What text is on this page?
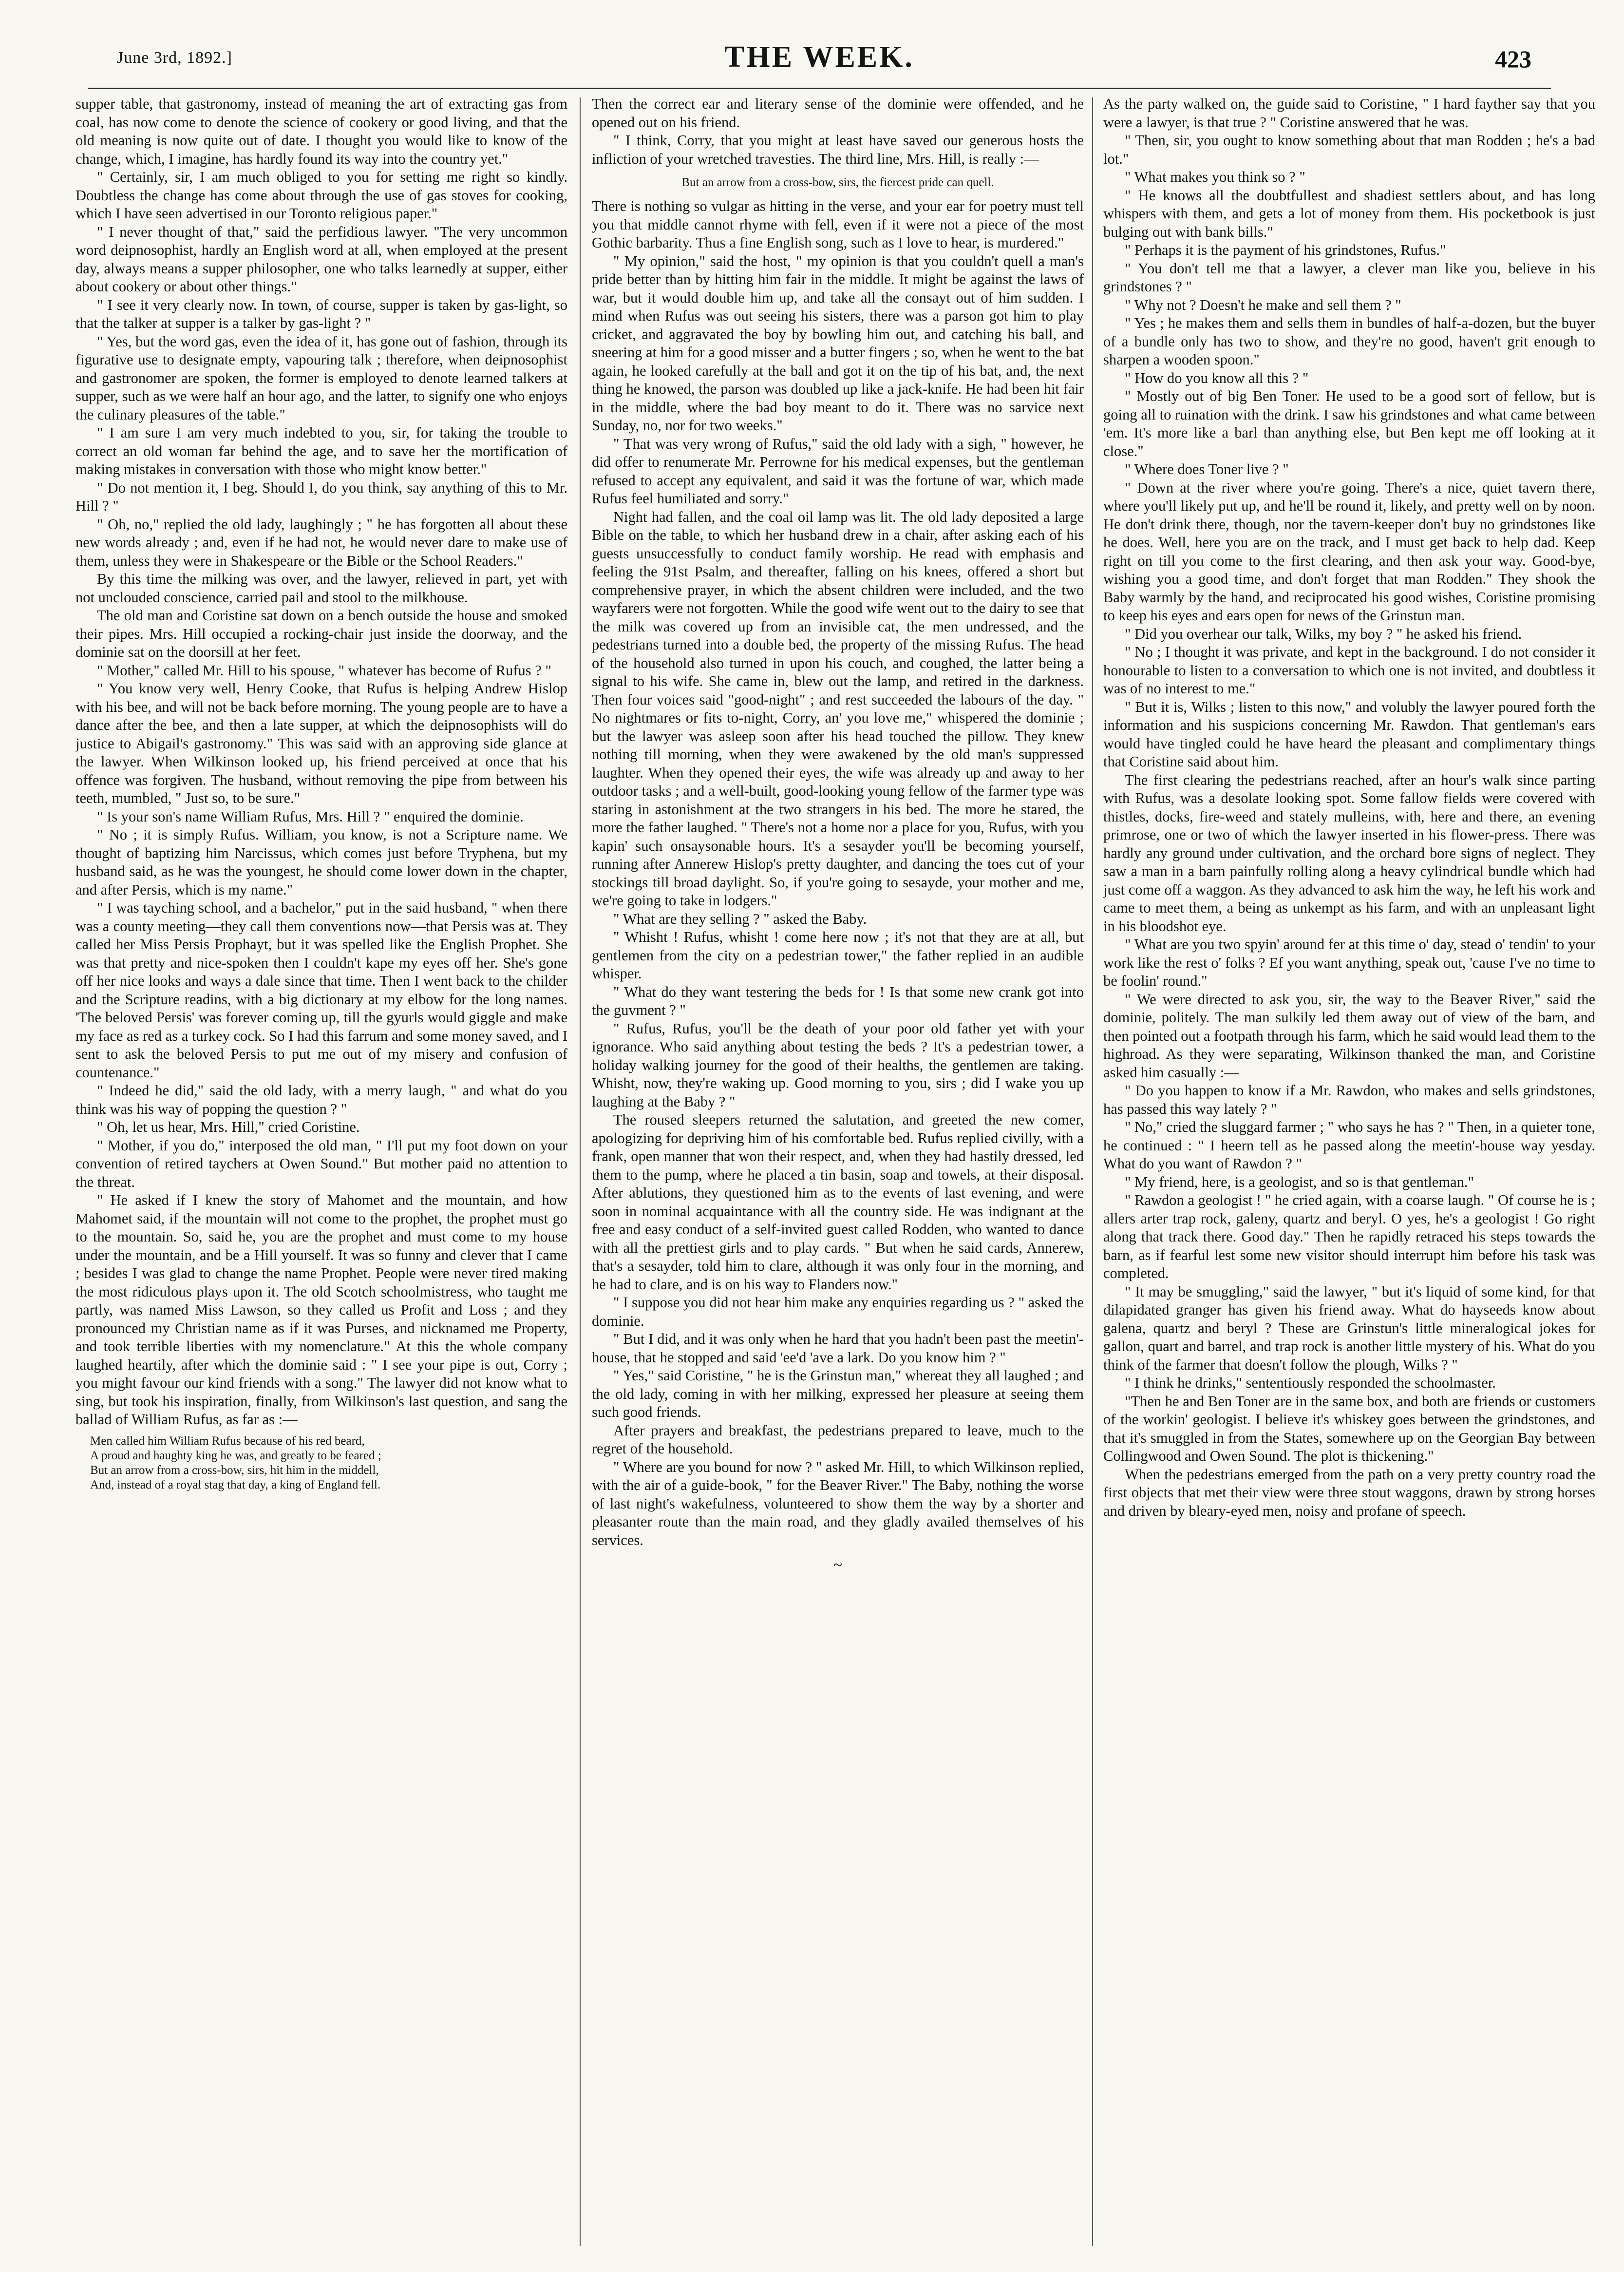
June 3rd, 1892.]	THE WEEK.	423

supper table, that gastronomy, instead of meaning the art of extracting gas from coal, has now come to denote the science of cookery or good living, and that the old meaning is now quite out of date. I thought you would like to know of the change, which, I imagine, has hardly found its way into the country yet."

" Certainly, sir, I am much obliged to you for setting me right so kindly. Doubtless the change has come about through the use of gas stoves for cooking, which I have seen advertised in our Toronto religious paper."

" I never thought of that," said the perfidious lawyer. "The very uncommon word deipnosophist, hardly an English word at all, when employed at the present day, always means a supper philosopher, one who talks learnedly at supper, either about cookery or about other things."

" I see it very clearly now. In town, of course, supper is taken by gas-light, so that the talker at supper is a talker by gas-light ? "

" Yes, but the word gas, even the idea of it, has gone out of fashion, through its figurative use to designate empty, vapouring talk ; therefore, when deipnosophist and gastronomer are spoken, the former is employed to denote learned talkers at supper, such as we were half an hour ago, and the latter, to signify one who enjoys the culinary pleasures of the table."

" I am sure I am very much indebted to you, sir, for taking the trouble to correct an old woman far behind the age, and to save her the mortification of making mistakes in conversation with those who might know better."

" Do not mention it, I beg. Should I, do you think, say anything of this to Mr. Hill ? "

" Oh, no," replied the old lady, laughingly ; " he has forgotten all about these new words already ; and, even if he had not, he would never dare to make use of them, unless they were in Shakespeare or the Bible or the School Readers."

By this time the milking was over, and the lawyer, relieved in part, yet with not unclouded conscience, carried pail and stool to the milkhouse.

The old man and Coristine sat down on a bench outside the house and smoked their pipes. Mrs. Hill occupied a rocking-chair just inside the doorway, and the dominie sat on the doorsill at her feet.

" Mother," called Mr. Hill to his spouse, " whatever has become of Rufus ? "

" You know very well, Henry Cooke, that Rufus is helping Andrew Hislop with his bee, and will not be back before morning. The young people are to have a dance after the bee, and then a late supper, at which the deipnosophists will do justice to Abigail's gastronomy." This was said with an approving side glance at the lawyer. When Wilkinson looked up, his friend perceived at once that his offence was forgiven. The husband, without removing the pipe from between his teeth, mumbled, " Just so, to be sure."

" Is your son's name William Rufus, Mrs. Hill ? " enquired the dominie.

" No ; it is simply Rufus. William, you know, is not a Scripture name. We thought of baptizing him Narcissus, which comes just before Tryphena, but my husband said, as he was the youngest, he should come lower down in the chapter, and after Persis, which is my name."

" I was tayching school, and a bachelor," put in the said husband, " when there was a county meeting—they call them conventions now—that Persis was at. They called her Miss Persis Prophayt, but it was spelled like the English Prophet. She was that pretty and nice-spoken then I couldn't kape my eyes off her. She's gone off her nice looks and ways a dale since that time. Then I went back to the childer and the Scripture readins, with a big dictionary at my elbow for the long names. 'The beloved Persis' was forever coming up, till the gyurls would giggle and make my face as red as a turkey cock. So I had this farrum and some money saved, and I sent to ask the beloved Persis to put me out of my misery and confusion of countenance."

" Indeed he did," said the old lady, with a merry laugh, " and what do you think was his way of popping the question ? "

" Oh, let us hear, Mrs. Hill," cried Coristine.

" Mother, if you do," interposed the old man, " I'll put my foot down on your convention of retired taychers at Owen Sound." But mother paid no attention to the threat.

" He asked if I knew the story of Mahomet and the mountain, and how Mahomet said, if the mountain will not come to the prophet, the prophet must go to the mountain. So, said he, you are the prophet and must come to my house under the mountain, and be a Hill yourself. It was so funny and clever that I came ; besides I was glad to change the name Prophet. People were never tired making the most ridiculous plays upon it. The old Scotch schoolmistress, who taught me partly, was named Miss Lawson, so they called us Profit and Loss ; and they pronounced my Christian name as if it was Purses, and nicknamed me Property, and took terrible liberties with my nomenclature." At this the whole company laughed heartily, after which the dominie said : " I see your pipe is out, Corry ; you might favour our kind friends with a song." The lawyer did not know what to sing, but took his inspiration, finally, from Wilkinson's last question, and sang the ballad of William Rufus, as far as :—

Men called him William Rufus because of his red beard,
A proud and haughty king he was, and greatly to be feared ;
But an arrow from a cross-bow, sirs, hit him in the middell,
And, instead of a royal stag that day, a king of England fell.

Then the correct ear and literary sense of the dominie were offended, and he opened out on his friend.

" I think, Corry, that you might at least have saved our generous hosts the infliction of your wretched travesties. The third line, Mrs. Hill, is really :—

But an arrow from a cross-bow, sirs, the fiercest pride can quell.

There is nothing so vulgar as hitting in the verse, and your ear for poetry must tell you that middle cannot rhyme with fell, even if it were not a piece of the most Gothic barbarity. Thus a fine English song, such as I love to hear, is murdered."

" My opinion," said the host, " my opinion is that you couldn't quell a man's pride better than by hitting him fair in the middle. It might be against the laws of war, but it would double him up, and take all the consayt out of him sudden. I mind when Rufus was out seeing his sisters, there was a parson got him to play cricket, and aggravated the boy by bowling him out, and catching his ball, and sneering at him for a good misser and a butter fingers ; so, when he went to the bat again, he looked carefully at the ball and got it on the tip of his bat, and, the next thing he knowed, the parson was doubled up like a jack-knife. He had been hit fair in the middle, where the bad boy meant to do it. There was no sarvice next Sunday, no, nor for two weeks."

" That was very wrong of Rufus," said the old lady with a sigh, " however, he did offer to renumerate Mr. Perrowne for his medical expenses, but the gentleman refused to accept any equivalent, and said it was the fortune of war, which made Rufus feel humiliated and sorry."

Night had fallen, and the coal oil lamp was lit. The old lady deposited a large Bible on the table, to which her husband drew in a chair, after asking each of his guests unsuccessfully to conduct family worship. He read with emphasis and feeling the 91st Psalm, and thereafter, falling on his knees, offered a short but comprehensive prayer, in which the absent children were included, and the two wayfarers were not forgotten. While the good wife went out to the dairy to see that the milk was covered up from an invisible cat, the men undressed, and the pedestrians turned into a double bed, the property of the missing Rufus. The head of the household also turned in upon his couch, and coughed, the latter being a signal to his wife. She came in, blew out the lamp, and retired in the darkness. Then four voices said "good-night" ; and rest succeeded the labours of the day. " No nightmares or fits to-night, Corry, an' you love me," whispered the dominie ; but the lawyer was asleep soon after his head touched the pillow. They knew nothing till morning, when they were awakened by the old man's suppressed laughter. When they opened their eyes, the wife was already up and away to her outdoor tasks ; and a well-built, good-looking young fellow of the farmer type was staring in astonishment at the two strangers in his bed. The more he stared, the more the father laughed. " There's not a home nor a place for you, Rufus, with you kapin' such onsaysonable hours. It's a sesayder you'll be becoming yourself, running after Annerew Hislop's pretty daughter, and dancing the toes cut of your stockings till broad daylight. So, if you're going to sesayde, your mother and me, we're going to take in lodgers."

" What are they selling ? " asked the Baby.

" Whisht ! Rufus, whisht ! come here now ; it's not that they are at all, but gentlemen from the city on a pedestrian tower," the father replied in an audible whisper.

" What do they want testering the beds for ! Is that some new crank got into the guvment ? "

" Rufus, Rufus, you'll be the death of your poor old father yet with your ignorance. Who said anything about testing the beds ? It's a pedestrian tower, a holiday walking journey for the good of their healths, the gentlemen are taking. Whisht, now, they're waking up. Good morning to you, sirs ; did I wake you up laughing at the Baby ? "

The roused sleepers returned the salutation, and greeted the new comer, apologizing for depriving him of his comfortable bed. Rufus replied civilly, with a frank, open manner that won their respect, and, when they had hastily dressed, led them to the pump, where he placed a tin basin, soap and towels, at their disposal. After ablutions, they questioned him as to the events of last evening, and were soon in nominal acquaintance with all the country side. He was indignant at the free and easy conduct of a self-invited guest called Rodden, who wanted to dance with all the prettiest girls and to play cards. " But when he said cards, Annerew, that's a sesayder, told him to clare, although it was only four in the morning, and he had to clare, and is on his way to Flanders now."

" I suppose you did not hear him make any enquiries regarding us ? " asked the dominie.

" But I did, and it was only when he hard that you hadn't been past the meetin'-house, that he stopped and said 'ee'd 'ave a lark. Do you know him ? "

" Yes," said Coristine, " he is the Grinstun man," whereat they all laughed ; and the old lady, coming in with her milking, expressed her pleasure at seeing them such good friends.

After prayers and breakfast, the pedestrians prepared to leave, much to the regret of the household.

" Where are you bound for now ? " asked Mr. Hill, to which Wilkinson replied, with the air of a guide-book, " for the Beaver River." The Baby, nothing the worse of last night's wakefulness, volunteered to show them the way by a shorter and pleasanter route than the main road, and they gladly availed themselves of his services.

~

As the party walked on, the guide said to Coristine, " I hard fayther say that you were a lawyer, is that true ? " Coristine answered that he was.

" Then, sir, you ought to know something about that man Rodden ; he's a bad lot."

" What makes you think so ? "

" He knows all the doubtfullest and shadiest settlers about, and has long whispers with them, and gets a lot of money from them. His pocketbook is just bulging out with bank bills."

" Perhaps it is the payment of his grindstones, Rufus."

" You don't tell me that a lawyer, a clever man like you, believe in his grindstones ? "

" Why not ? Doesn't he make and sell them ? "

" Yes ; he makes them and sells them in bundles of half-a-dozen, but the buyer of a bundle only has two to show, and they're no good, haven't grit enough to sharpen a wooden spoon."

" How do you know all this ? "

" Mostly out of big Ben Toner. He used to be a good sort of fellow, but is going all to ruination with the drink. I saw his grindstones and what came between 'em. It's more like a barl than anything else, but Ben kept me off looking at it close."

" Where does Toner live ? "

" Down at the river where you're going. There's a nice, quiet tavern there, where you'll likely put up, and he'll be round it, likely, and pretty well on by noon. He don't drink there, though, nor the tavern-keeper don't buy no grindstones like he does. Well, here you are on the track, and I must get back to help dad. Keep right on till you come to the first clearing, and then ask your way. Good-bye, wishing you a good time, and don't forget that man Rodden." They shook the Baby warmly by the hand, and reciprocated his good wishes, Coristine promising to keep his eyes and ears open for news of the Grinstun man.

" Did you overhear our talk, Wilks, my boy ? " he asked his friend.

" No ; I thought it was private, and kept in the background. I do not consider it honourable to listen to a conversation to which one is not invited, and doubtless it was of no interest to me."

" But it is, Wilks ; listen to this now," and volubly the lawyer poured forth the information and his suspicions concerning Mr. Rawdon. That gentleman's ears would have tingled could he have heard the pleasant and complimentary things that Coristine said about him.

The first clearing the pedestrians reached, after an hour's walk since parting with Rufus, was a desolate looking spot. Some fallow fields were covered with thistles, docks, fire-weed and stately mulleins, with, here and there, an evening primrose, one or two of which the lawyer inserted in his flower-press. There was hardly any ground under cultivation, and the orchard bore signs of neglect. They saw a man in a barn painfully rolling along a heavy cylindrical bundle which had just come off a waggon. As they advanced to ask him the way, he left his work and came to meet them, a being as unkempt as his farm, and with an unpleasant light in his bloodshot eye.

" What are you two spyin' around fer at this time o' day, stead o' tendin' to your work like the rest o' folks ? Ef you want anything, speak out, 'cause I've no time to be foolin' round."

" We were directed to ask you, sir, the way to the Beaver River," said the dominie, politely. The man sulkily led them away out of view of the barn, and then pointed out a footpath through his farm, which he said would lead them to the highroad. As they were separating, Wilkinson thanked the man, and Coristine asked him casually :—

" Do you happen to know if a Mr. Rawdon, who makes and sells grindstones, has passed this way lately ? "

" No," cried the sluggard farmer ; " who says he has ? " Then, in a quieter tone, he continued : " I heern tell as he passed along the meetin'-house way yesday. What do you want of Rawdon ? "

" My friend, here, is a geologist, and so is that gentleman."

" Rawdon a geologist ! " he cried again, with a coarse laugh. " Of course he is ; allers arter trap rock, galeny, quartz and beryl. O yes, he's a geologist ! Go right along that track there. Good day." Then he rapidly retraced his steps towards the barn, as if fearful lest some new visitor should interrupt him before his task was completed.

" It may be smuggling," said the lawyer, " but it's liquid of some kind, for that dilapidated granger has given his friend away. What do hayseeds know about galena, quartz and beryl ? These are Grinstun's little mineralogical jokes for gallon, quart and barrel, and trap rock is another little mystery of his. What do you think of the farmer that doesn't follow the plough, Wilks ? "

" I think he drinks," sententiously responded the schoolmaster.

"Then he and Ben Toner are in the same box, and both are friends or customers of the workin' geologist. I believe it's whiskey goes between the grindstones, and that it's smuggled in from the States, somewhere up on the Georgian Bay between Collingwood and Owen Sound. The plot is thickening."

When the pedestrians emerged from the path on a very pretty country road the first objects that met their view were three stout waggons, drawn by strong horses and driven by bleary-eyed men, noisy and profane of speech.
